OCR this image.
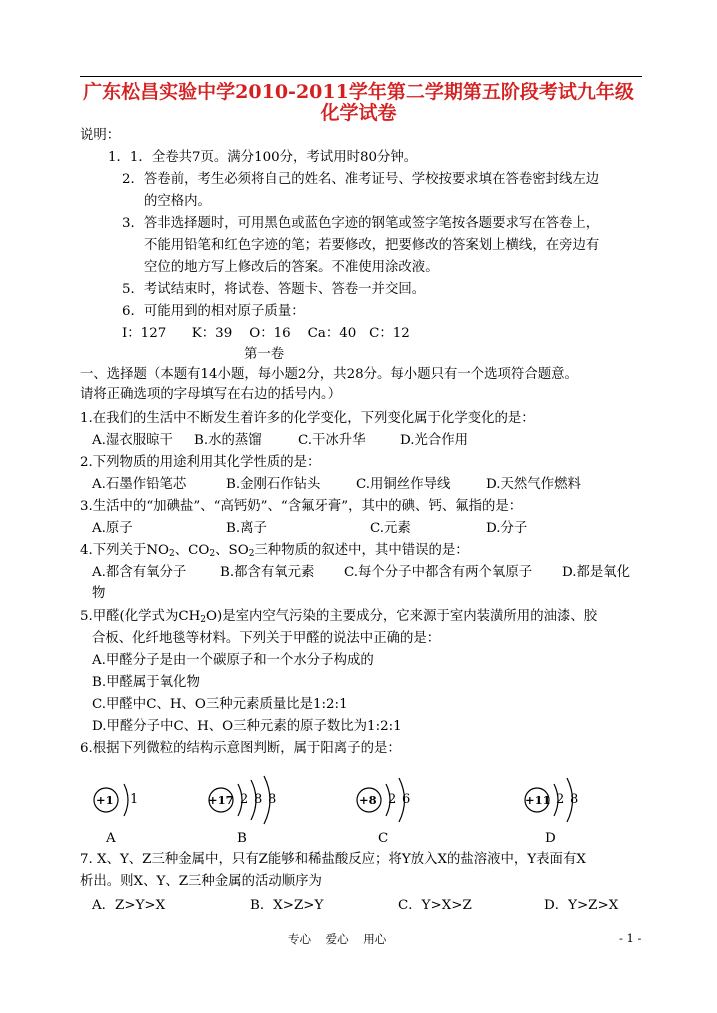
广东松昌实验中学2010-2011学年第二学期第五阶段考试九年级
化学试卷
说明：
1．1．全卷共7页。满分100分，考试用时80分钟。
2．答卷前，考生必须将自己的姓名、准考证号、学校按要求填在答卷密封线左边
的空格内。
3．答非选择题时，可用黑色或蓝色字迹的钢笔或签字笔按各题要求写在答卷上，
不能用铅笔和红色字迹的笔；若要修改，把要修改的答案划上横线，在旁边有
空位的地方写上修改后的答案。不准使用涂改液。
5．考试结束时，将试卷、答题卡、答卷一并交回。
6．可能用到的相对原子质量：
I：127      K：39    O：16    Ca：40   C：12
第一卷
一、选择题（本题有14小题，每小题2分，共28分。每小题只有一个选项符合题意。
请将正确选项的字母填写在右边的括号内。）
1.在我们的生活中不断发生着许多的化学变化，下列变化属于化学变化的是：
A.湿衣服晾干 B.水的蒸馏	C.干冰升华	D.光合作用
2.下列物质的用途利用其化学性质的是：
A.石墨作铅笔芯	B.金刚石作钻头	C.用铜丝作导线	D.天然气作燃料
3.生活中的“加碘盐”、“高钙奶”、“含氟牙膏”，其中的碘、钙、氟指的是：
A.原子	B.离子	C.元素	D.分子
4.下列关于$NO_2$、$CO_2$、$SO_2$三种物质的叙述中，其中错误的是：
A.都含有氧分子	B.都含有氧元素 C.每个分子中都含有两个氧原子 D.都是氧化
物
5.甲醛(化学式为$CH_2O$)是室内空气污染的主要成分，它来源于室内装潢所用的油漆、胶
合板、化纤地毯等材料。下列关于甲醛的说法中正确的是：
A.甲醛分子是由一个碳原子和一个水分子构成的
B.甲醛属于氧化物
C.甲醛中C、H、O三种元素质量比是1:2:1
D.甲醛分子中C、H、O三种元素的原子数比为1:2:1
6.根据下列微粒的结构示意图判断，属于阳离子的是：
+1 1
A
+17 2 8 8
B
+8 2 6
C
+11 2 8
D
7. X、Y、Z三种金属中，只有Z能够和稀盐酸反应；将Y放入X的盐溶液中，Y表面有X
析出。则X、Y、Z三种金属的活动顺序为
A．Z>Y>X	B．X>Z>Y	C．Y>X>Z	D．Y>Z>X
专心    爱心    用心	- 1 -
